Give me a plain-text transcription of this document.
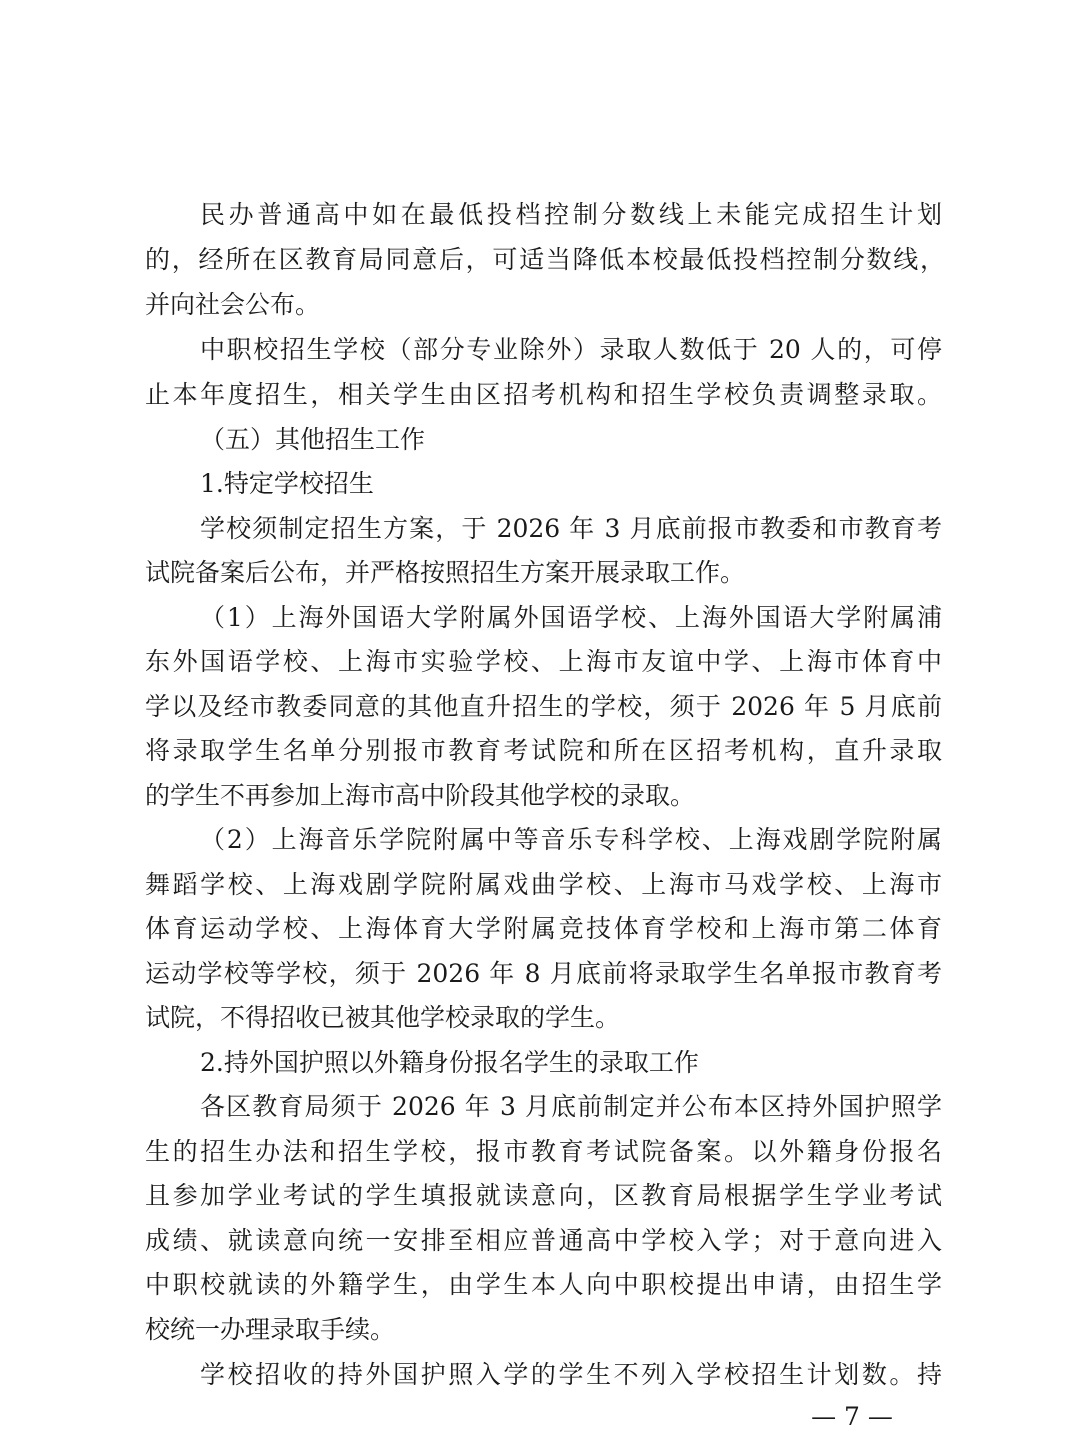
民办普通高中如在最低投档控制分数线上未能完成招生计划
的，经所在区教育局同意后，可适当降低本校最低投档控制分数线，
并向社会公布。
中职校招生学校（部分专业除外）录取人数低于 20 人的，可停
止本年度招生，相关学生由区招考机构和招生学校负责调整录取。
（五）其他招生工作
1.特定学校招生
学校须制定招生方案，于 2026 年 3 月底前报市教委和市教育考
试院备案后公布，并严格按照招生方案开展录取工作。
（1）上海外国语大学附属外国语学校、上海外国语大学附属浦
东外国语学校、上海市实验学校、上海市友谊中学、上海市体育中
学以及经市教委同意的其他直升招生的学校，须于 2026 年 5 月底前
将录取学生名单分别报市教育考试院和所在区招考机构，直升录取
的学生不再参加上海市高中阶段其他学校的录取。
（2）上海音乐学院附属中等音乐专科学校、上海戏剧学院附属
舞蹈学校、上海戏剧学院附属戏曲学校、上海市马戏学校、上海市
体育运动学校、上海体育大学附属竞技体育学校和上海市第二体育
运动学校等学校，须于 2026 年 8 月底前将录取学生名单报市教育考
试院，不得招收已被其他学校录取的学生。
2.持外国护照以外籍身份报名学生的录取工作
各区教育局须于 2026 年 3 月底前制定并公布本区持外国护照学
生的招生办法和招生学校，报市教育考试院备案。以外籍身份报名
且参加学业考试的学生填报就读意向，区教育局根据学生学业考试
成绩、就读意向统一安排至相应普通高中学校入学；对于意向进入
中职校就读的外籍学生，由学生本人向中职校提出申请，由招生学
校统一办理录取手续。
学校招收的持外国护照入学的学生不列入学校招生计划数。持
— 7 —
